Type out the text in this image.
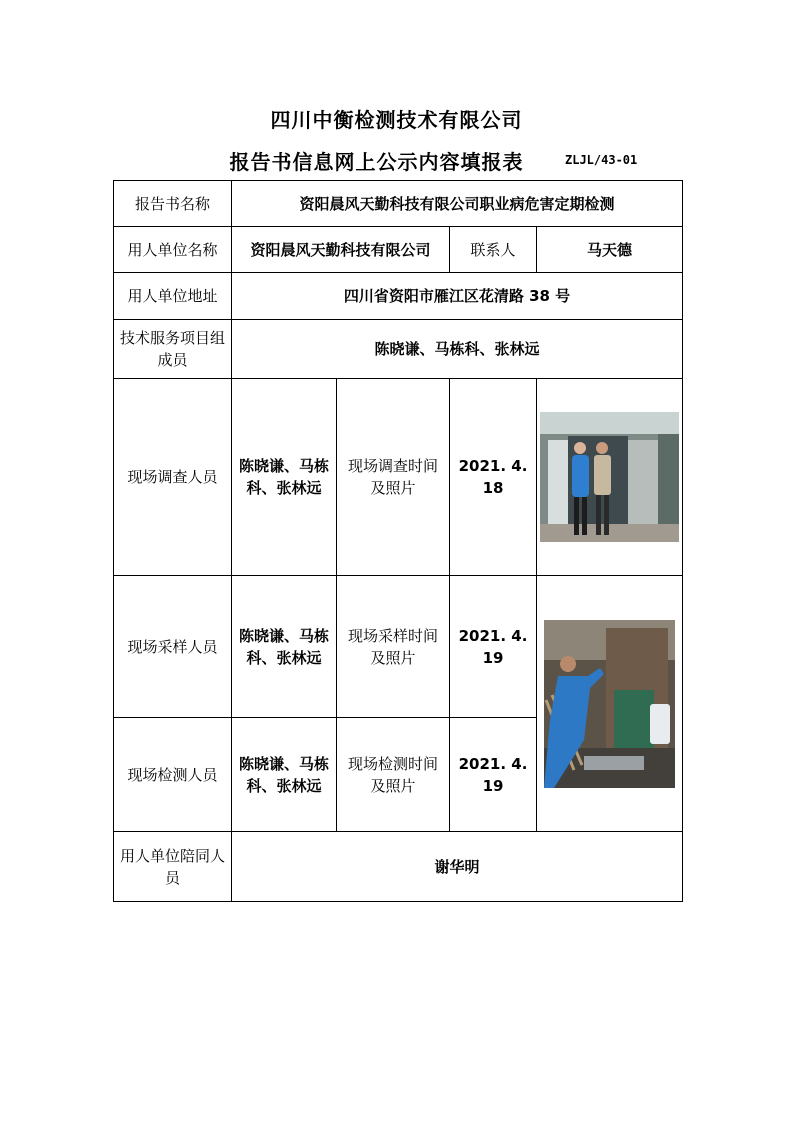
四川中衡检测技术有限公司
报告书信息网上公示内容填报表	ZLJL/43-01
报告书名称	资阳晨风天勤科技有限公司职业病危害定期检测			
用人单位名称	资阳晨风天勤科技有限公司		联系人	马天德
用人单位地址	四川省资阳市雁江区花清路 38 号			
技术服务项目组成员	陈晓谦、马栋科、张林远			
现场调查人员	陈晓谦、马栋科、张林远	现场调查时间及照片	2021. 4. 18	

现场采样人员	陈晓谦、马栋科、张林远	现场采样时间及照片	2021. 4. 19	

现场检测人员	陈晓谦、马栋科、张林远	现场检测时间及照片	2021. 4. 19	
用人单位陪同人员	谢华明			
